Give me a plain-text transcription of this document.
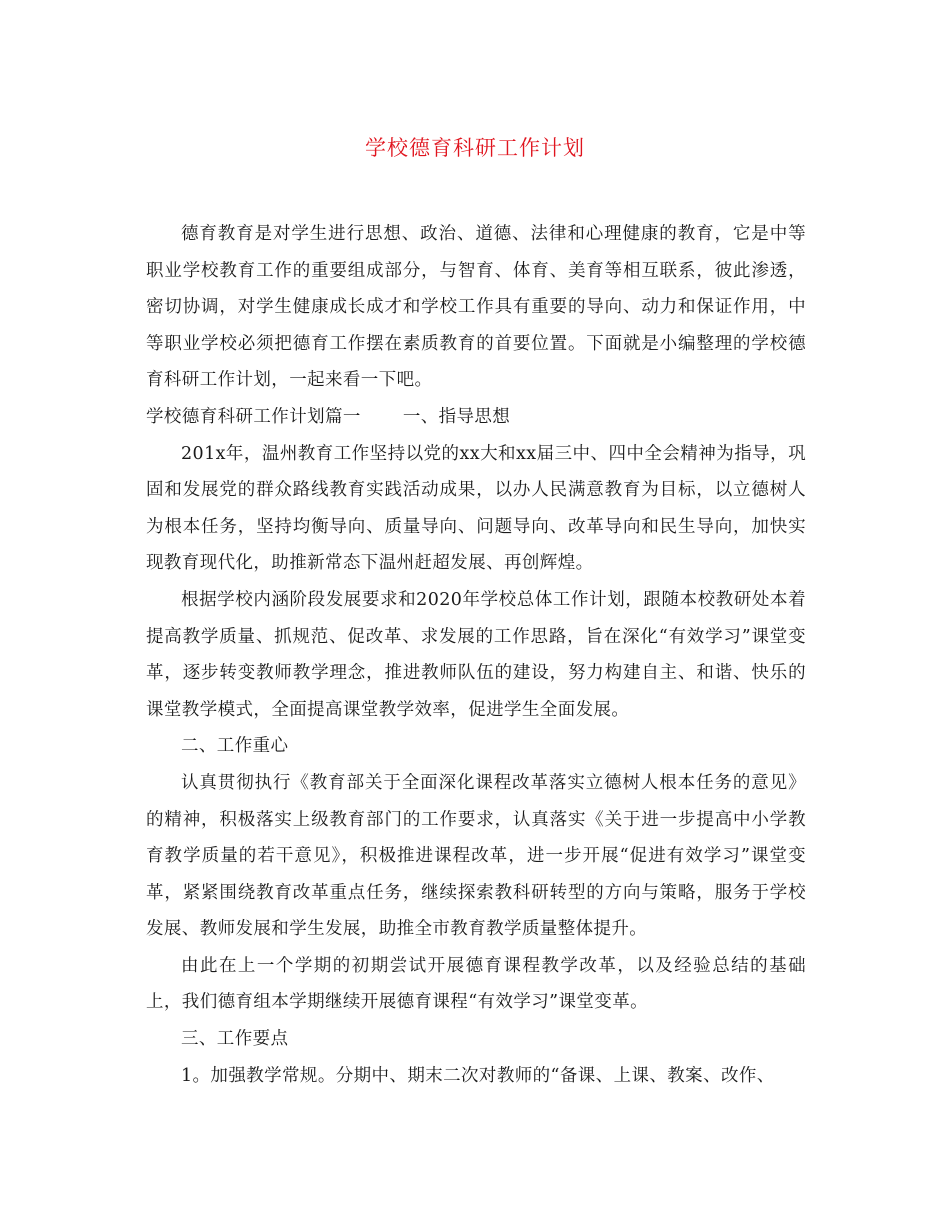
学校德育科研工作计划

德育教育是对学生进行思想、政治、道德、法律和心理健康的教育，它是中等职业学校教育工作的重要组成部分，与智育、体育、美育等相互联系，彼此渗透，密切协调，对学生健康成长成才和学校工作具有重要的导向、动力和保证作用，中等职业学校必须把德育工作摆在素质教育的首要位置。下面就是小编整理的学校德育科研工作计划，一起来看一下吧。

学校德育科研工作计划篇一 一、指导思想

201x年，温州教育工作坚持以党的xx大和xx届三中、四中全会精神为指导，巩固和发展党的群众路线教育实践活动成果，以办人民满意教育为目标，以立德树人为根本任务，坚持均衡导向、质量导向、问题导向、改革导向和民生导向，加快实现教育现代化，助推新常态下温州赶超发展、再创辉煌。

根据学校内涵阶段发展要求和2020年学校总体工作计划，跟随本校教研处本着提高教学质量、抓规范、促改革、求发展的工作思路，旨在深化“有效学习”课堂变革，逐步转变教师教学理念，推进教师队伍的建设，努力构建自主、和谐、快乐的课堂教学模式，全面提高课堂教学效率，促进学生全面发展。

二、工作重心

认真贯彻执行《教育部关于全面深化课程改革落实立德树人根本任务的意见》的精神，积极落实上级教育部门的工作要求，认真落实《关于进一步提高中小学教育教学质量的若干意见》，积极推进课程改革，进一步开展“促进有效学习”课堂变革，紧紧围绕教育改革重点任务，继续探索教科研转型的方向与策略，服务于学校发展、教师发展和学生发展，助推全市教育教学质量整体提升。

由此在上一个学期的初期尝试开展德育课程教学改革，以及经验总结的基础上，我们德育组本学期继续开展德育课程“有效学习”课堂变革。

三、工作要点

1。加强教学常规。分期中、期末二次对教师的“备课、上课、教案、改作、
